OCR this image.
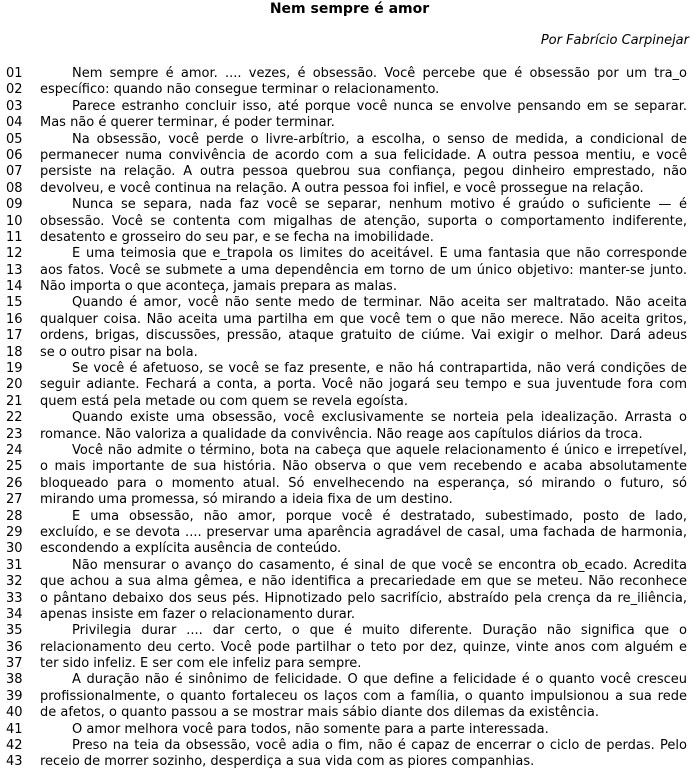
Nem sempre é amor
Por Fabrício Carpinejar
01	Nem sempre é amor. .... vezes, é obsessão. Você percebe que é obsessão por um tra_o
02	específico: quando não consegue terminar o relacionamento.
03	Parece estranho concluir isso, até porque você nunca se envolve pensando em se separar.
04	Mas não é querer terminar, é poder terminar.
05	Na obsessão, você perde o livre-arbítrio, a escolha, o senso de medida, a condicional de
06	permanecer numa convivência de acordo com a sua felicidade. A outra pessoa mentiu, e você
07	persiste na relação. A outra pessoa quebrou sua confiança, pegou dinheiro emprestado, não
08	devolveu, e você continua na relação. A outra pessoa foi infiel, e você prossegue na relação.
09	Nunca se separa, nada faz você se separar, nenhum motivo é graúdo o suficiente — é
10	obsessão. Você se contenta com migalhas de atenção, suporta o comportamento indiferente,
11	desatento e grosseiro do seu par, e se fecha na imobilidade.
12	É uma teimosia que e_trapola os limites do aceitável. É uma fantasia que não corresponde
13	aos fatos. Você se submete a uma dependência em torno de um único objetivo: manter-se junto.
14	Não importa o que aconteça, jamais prepara as malas.
15	Quando é amor, você não sente medo de terminar. Não aceita ser maltratado. Não aceita
16	qualquer coisa. Não aceita uma partilha em que você tem o que não merece. Não aceita gritos,
17	ordens, brigas, discussões, pressão, ataque gratuito de ciúme. Vai exigir o melhor. Dará adeus
18	se o outro pisar na bola.
19	Se você é afetuoso, se você se faz presente, e não há contrapartida, não verá condições de
20	seguir adiante. Fechará a conta, a porta. Você não jogará seu tempo e sua juventude fora com
21	quem está pela metade ou com quem se revela egoísta.
22	Quando existe uma obsessão, você exclusivamente se norteia pela idealização. Arrasta o
23	romance. Não valoriza a qualidade da convivência. Não reage aos capítulos diários da troca.
24	Você não admite o término, bota na cabeça que aquele relacionamento é único e irrepetível,
25	o mais importante de sua história. Não observa o que vem recebendo e acaba absolutamente
26	bloqueado para o momento atual. Só envelhecendo na esperança, só mirando o futuro, só
27	mirando uma promessa, só mirando a ideia fixa de um destino.
28	É uma obsessão, não amor, porque você é destratado, subestimado, posto de lado,
29	excluído, e se devota .... preservar uma aparência agradável de casal, uma fachada de harmonia,
30	escondendo a explícita ausência de conteúdo.
31	Não mensurar o avanço do casamento, é sinal de que você se encontra ob_ecado. Acredita
32	que achou a sua alma gêmea, e não identifica a precariedade em que se meteu. Não reconhece
33	o pântano debaixo dos seus pés. Hipnotizado pelo sacrifício, abstraído pela crença da re_iliência,
34	apenas insiste em fazer o relacionamento durar.
35	Privilegia durar .... dar certo, o que é muito diferente. Duração não significa que o
36	relacionamento deu certo. Você pode partilhar o teto por dez, quinze, vinte anos com alguém e
37	ter sido infeliz. E ser com ele infeliz para sempre.
38	A duração não é sinônimo de felicidade. O que define a felicidade é o quanto você cresceu
39	profissionalmente, o quanto fortaleceu os laços com a família, o quanto impulsionou a sua rede
40	de afetos, o quanto passou a se mostrar mais sábio diante dos dilemas da existência.
41	O amor melhora você para todos, não somente para a parte interessada.
42	Preso na teia da obsessão, você adia o fim, não é capaz de encerrar o ciclo de perdas. Pelo
43	receio de morrer sozinho, desperdiça a sua vida com as piores companhias.
